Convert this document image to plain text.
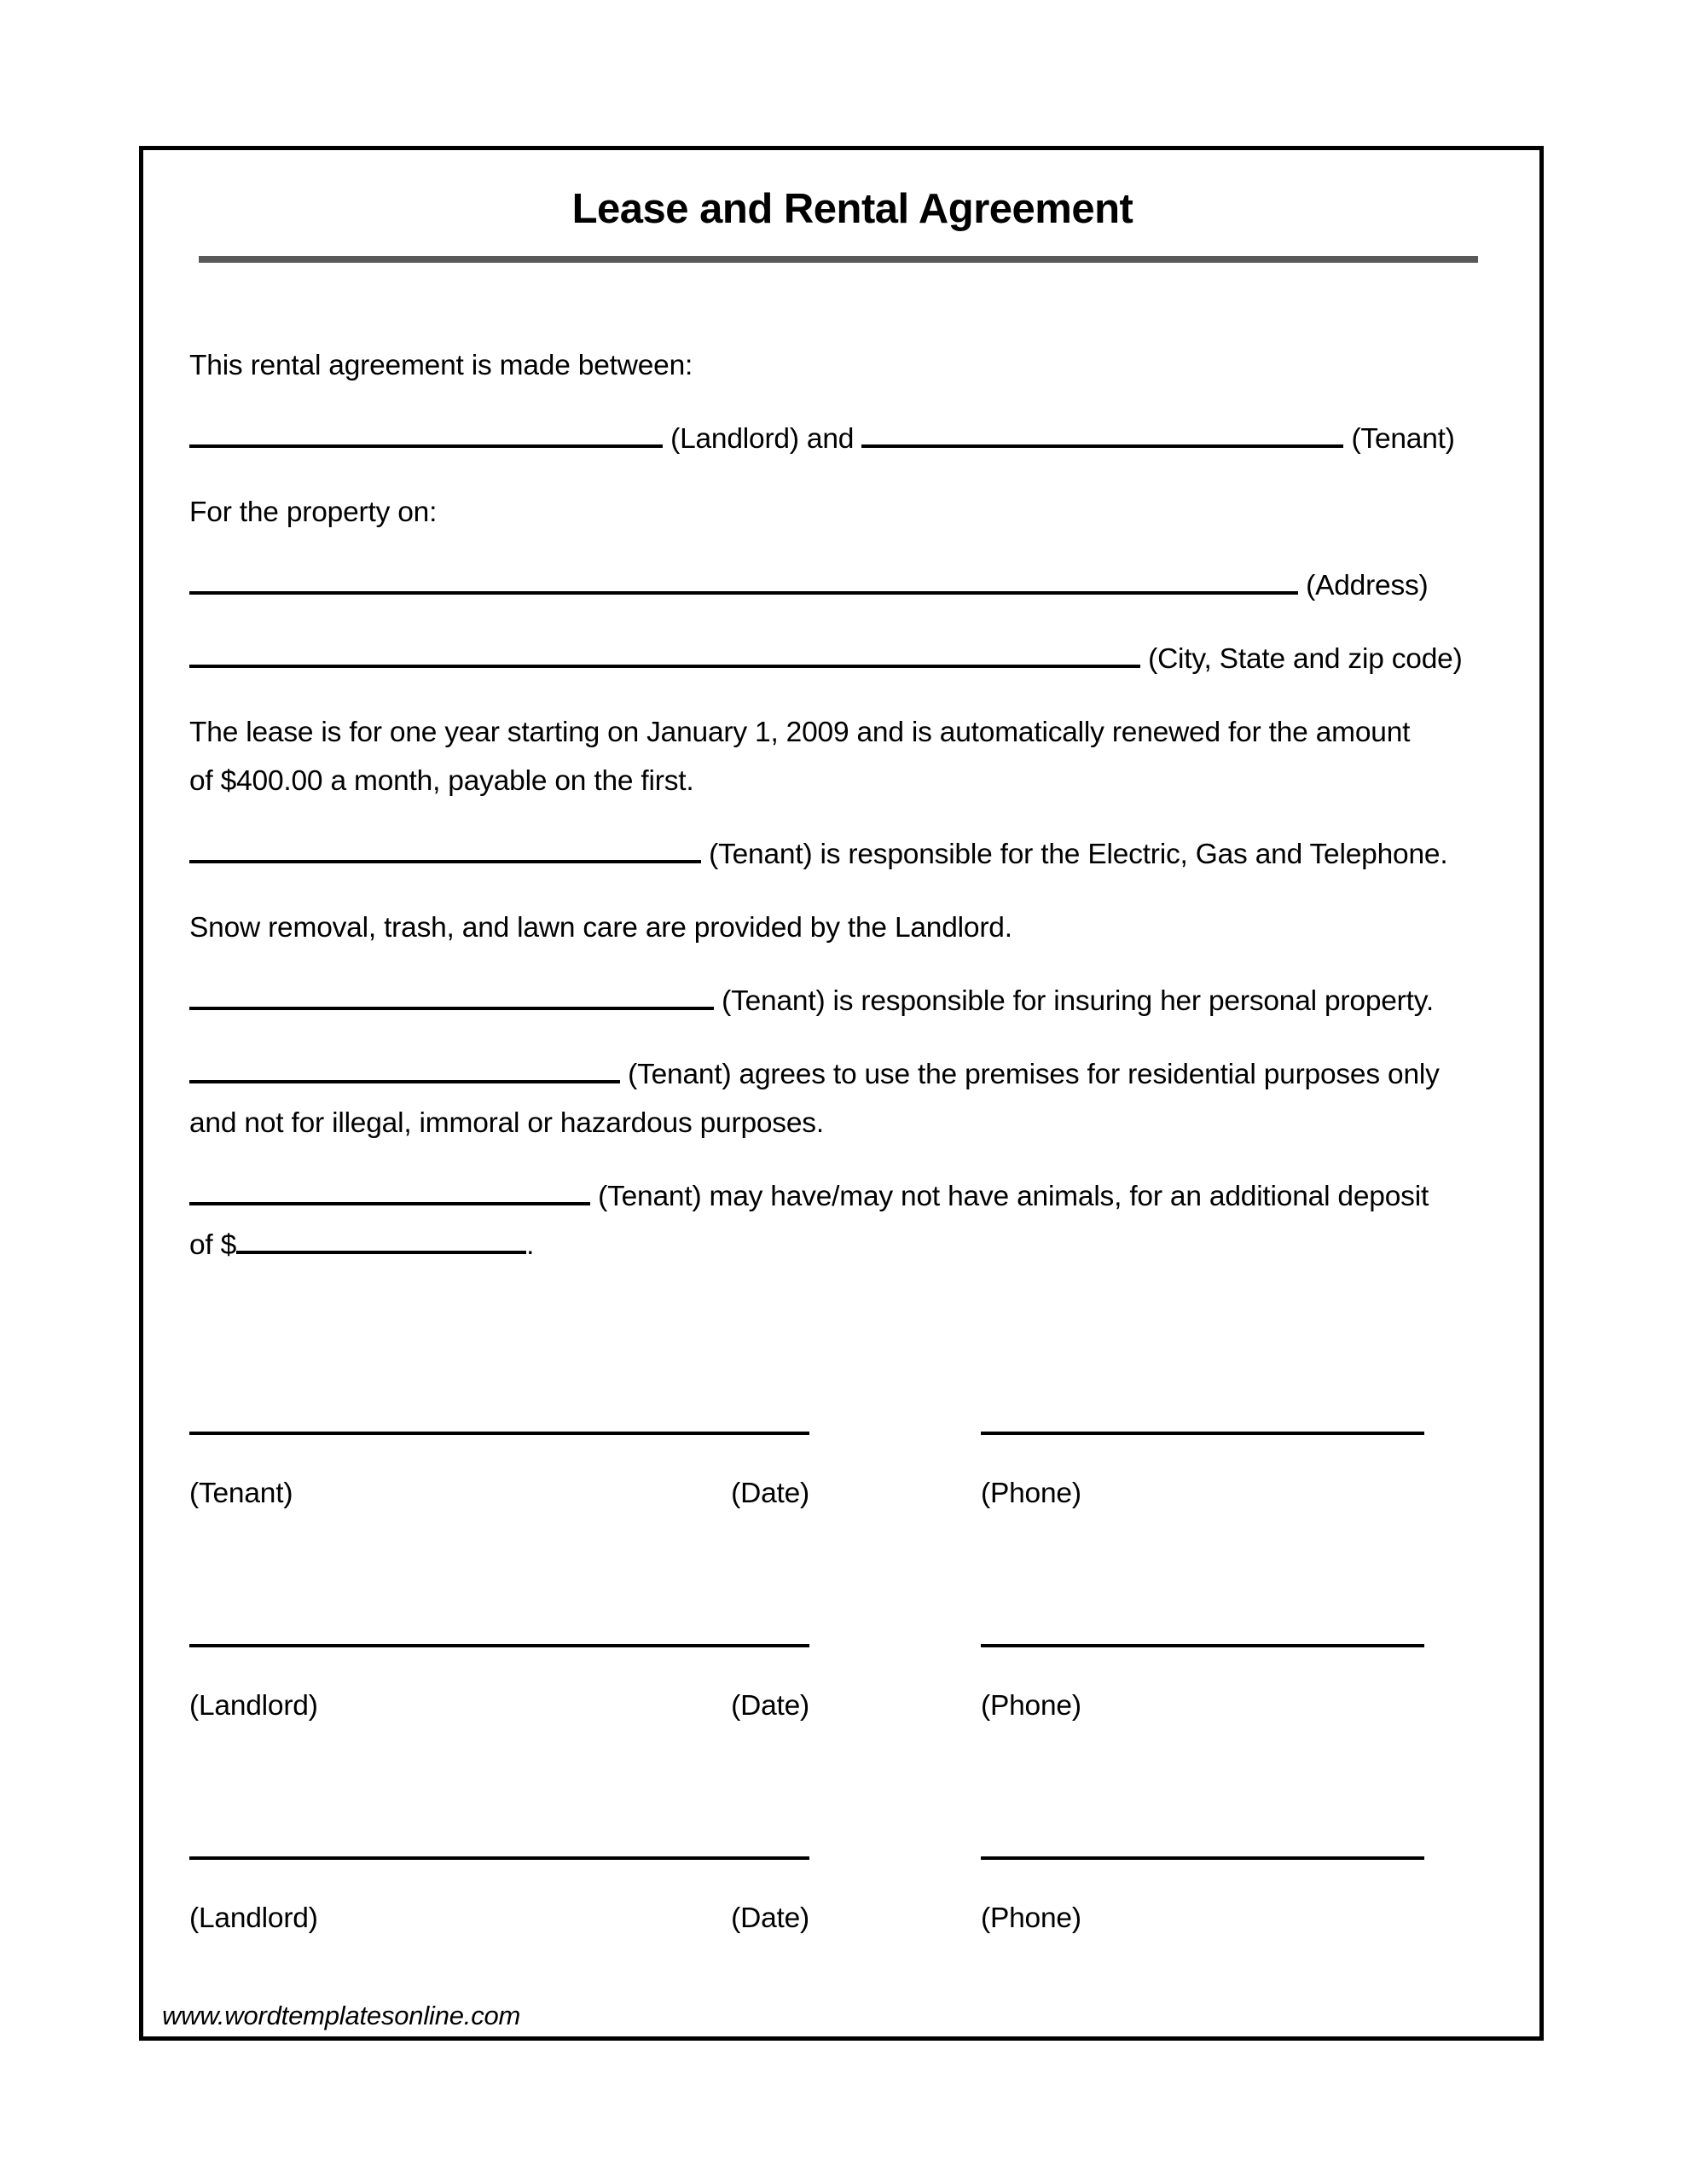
Lease and Rental Agreement

This rental agreement is made between:

(Landlord) and	(Tenant)

For the property on:

(Address)

(City, State and zip code)

The lease is for one year starting on January 1, 2009 and is automatically renewed for the amount
of $400.00 a month, payable on the first.

(Tenant) is responsible for the Electric, Gas and Telephone.

Snow removal, trash, and lawn care are provided by the Landlord.

(Tenant) is responsible for insuring her personal property.

(Tenant) agrees to use the premises for residential purposes only
and not for illegal, immoral or hazardous purposes.

(Tenant) may have/may not have animals, for an additional deposit
of $	.

(Tenant)	(Date)	(Phone)
(Landlord)	(Date)	(Phone)
(Landlord)	(Date)	(Phone)
www.wordtemplatesonline.com
